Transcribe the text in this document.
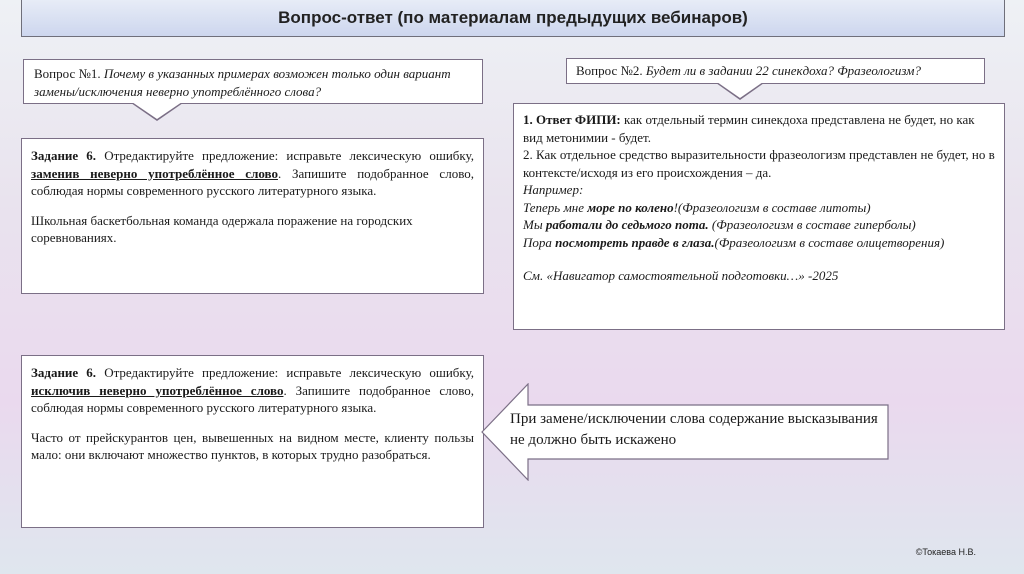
Вопрос-ответ (по материалам предыдущих вебинаров)

Вопрос №1. Почему в указанных примерах возможен только один вариант замены/исключения неверно употреблённого слова?

Вопрос №2. Будет ли в задании 22 синекдоха? Фразеологизм?

Задание 6. Отредактируйте предложение: исправьте лексическую ошибку, заменив неверно употреблённое слово. Запишите подобранное слово, соблюдая нормы современного русского литературного языка.

Школьная баскетбольная команда одержала поражение на городских соревнованиях.

Задание 6. Отредактируйте предложение: исправьте лексическую ошибку, исключив неверно употреблённое слово. Запишите подобранное слово, соблюдая нормы современного русского литературного языка.

Часто от прейскурантов цен, вывешенных на видном месте, клиенту пользы мало: они включают множество пунктов, в которых трудно разобраться.

1. Ответ ФИПИ: как отдельный термин синекдоха представлена не будет, но как вид метонимии - будет.

2. Как отдельное средство выразительности фразеологизм представлен не будет, но в контексте/исходя из его происхождения – да.

Например:

Теперь мне море по колено!(Фразеологизм в составе литоты)

Мы работали до седьмого пота. (Фразеологизм в составе гиперболы)

Пора посмотреть правде в глаза.(Фразеологизм в составе олицетворения)

См. «Навигатор самостоятельной подготовки…» -2025

При замене/исключении слова содержание высказывания не должно быть искажено
©Токаева Н.В.
